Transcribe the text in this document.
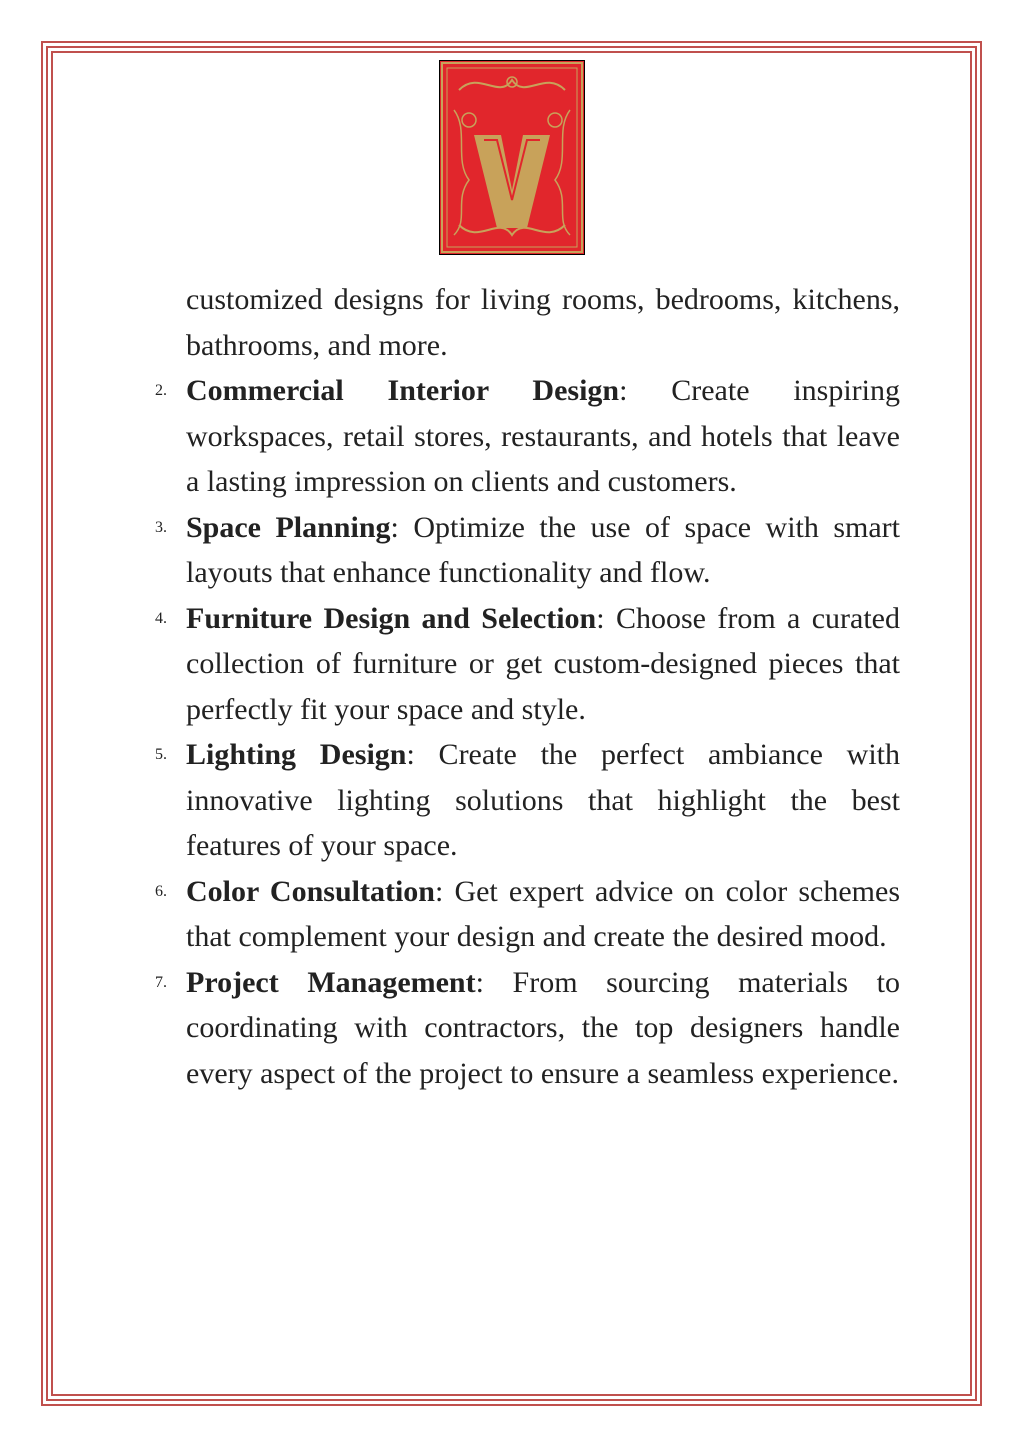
customized designs for living rooms, bedrooms, kitchens, bathrooms, and more.

2. Commercial Interior Design: Create inspiring workspaces, retail stores, restaurants, and hotels that leave a lasting impression on clients and customers.
3. Space Planning: Optimize the use of space with smart layouts that enhance functionality and flow.
4. Furniture Design and Selection: Choose from a curated collection of furniture or get custom-designed pieces that perfectly fit your space and style.
5. Lighting Design: Create the perfect ambiance with innovative lighting solutions that highlight the best features of your space.
6. Color Consultation: Get expert advice on color schemes that complement your design and create the desired mood.
7. Project Management: From sourcing materials to coordinating with contractors, the top designers handle every aspect of the project to ensure a seamless experience.
